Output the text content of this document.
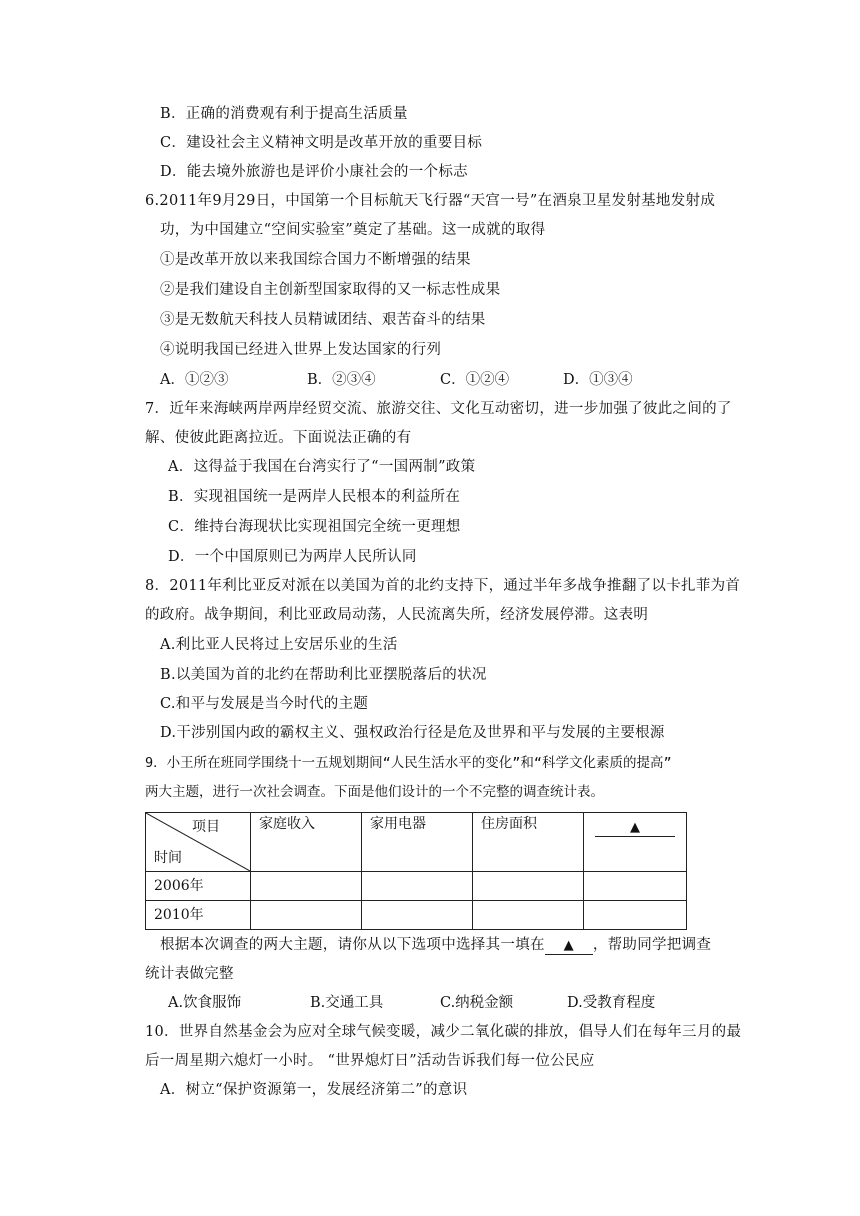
B．正确的消费观有利于提高生活质量
C．建设社会主义精神文明是改革开放的重要目标
D．能去境外旅游也是评价小康社会的一个标志
6.2011年9月29日，中国第一个目标航天飞行器“天宫一号”在酒泉卫星发射基地发射成
功，为中国建立“空间实验室”奠定了基础。这一成就的取得
①是改革开放以来我国综合国力不断增强的结果
②是我们建设自主创新型国家取得的又一标志性成果
③是无数航天科技人员精诚团结、艰苦奋斗的结果
④说明我国已经进入世界上发达国家的行列
A．①②③	B．②③④	C．①②④	D．①③④
7．近年来海峡两岸两岸经贸交流、旅游交往、文化互动密切，进一步加强了彼此之间的了
解、使彼此距离拉近。下面说法正确的有
A．这得益于我国在台湾实行了“一国两制”政策
B．实现祖国统一是两岸人民根本的利益所在
C．维持台海现状比实现祖国完全统一更理想
D．一个中国原则已为两岸人民所认同
8．2011年利比亚反对派在以美国为首的北约支持下，通过半年多战争推翻了以卡扎菲为首
的政府。战争期间，利比亚政局动荡，人民流离失所，经济发展停滞。这表明
A.利比亚人民将过上安居乐业的生活
B.以美国为首的北约在帮助利比亚摆脱落后的状况
C.和平与发展是当今时代的主题
D.干涉别国内政的霸权主义、强权政治行径是危及世界和平与发展的主要根源
9．小王所在班同学围绕十一五规划期间“人民生活水平的变化”和“科学文化素质的提高”
两大主题，进行一次社会调查。下面是他们设计的一个不完整的调查统计表。
项目
时间	家庭收入	家用电器	住房面积	▲
2006年				
2010年				
根据本次调查的两大主题，请你从以下选项中选择其一填在 ▲ ，帮助同学把调查
统计表做完整
A.饮食服饰	B.交通工具	C.纳税金额	D.受教育程度
10．世界自然基金会为应对全球气候变暖，减少二氧化碳的排放，倡导人们在每年三月的最
后一周星期六熄灯一小时。 “世界熄灯日”活动告诉我们每一位公民应
A．树立“保护资源第一，发展经济第二”的意识
